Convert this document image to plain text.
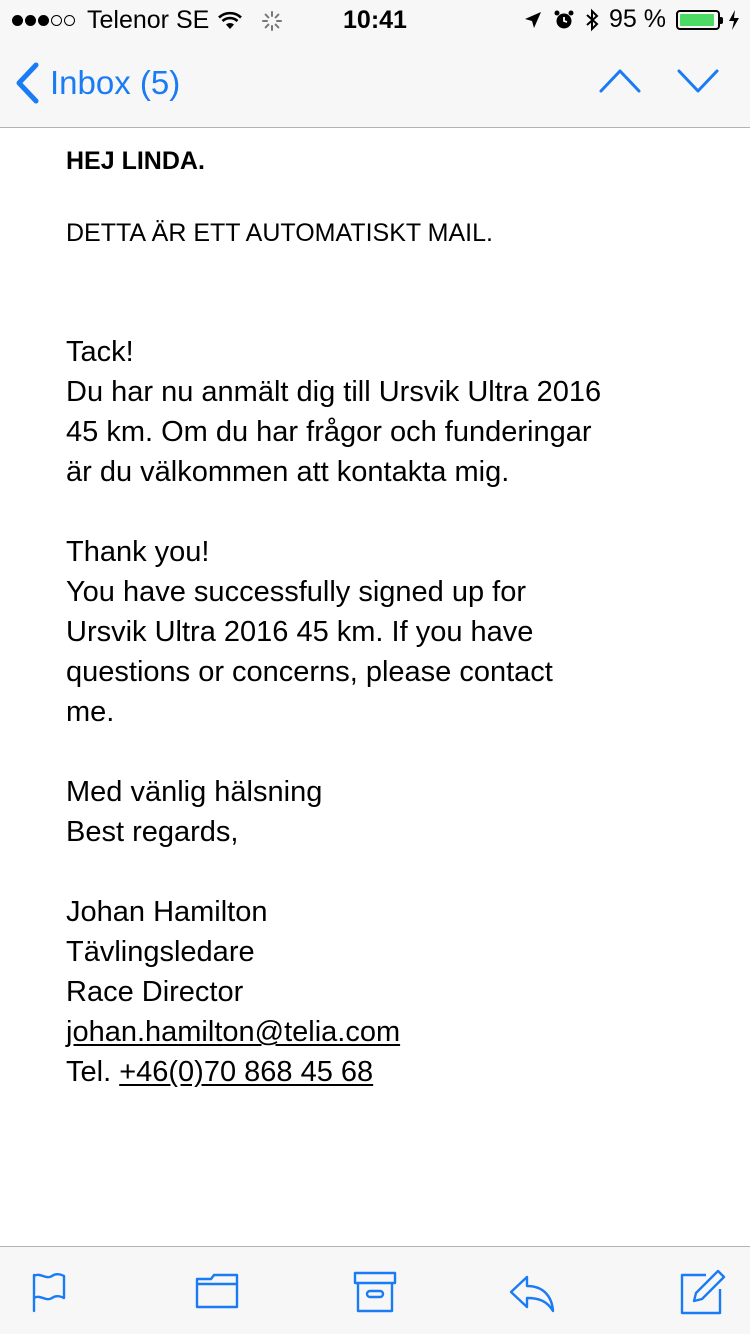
Telenor SE	10:41	95 %
Inbox (5)
HEJ LINDA.
DETTA ÄR ETT AUTOMATISKT MAIL.
Tack!
Du har nu anmält dig till Ursvik Ultra 2016
45 km. Om du har frågor och funderingar
är du välkommen att kontakta mig.
Thank you!
You have successfully signed up for
Ursvik Ultra 2016 45 km. If you have
questions or concerns, please contact
me.
Med vänlig hälsning
Best regards,
Johan Hamilton
Tävlingsledare
Race Director
johan.hamilton@telia.com
Tel. +46(0)70 868 45 68
